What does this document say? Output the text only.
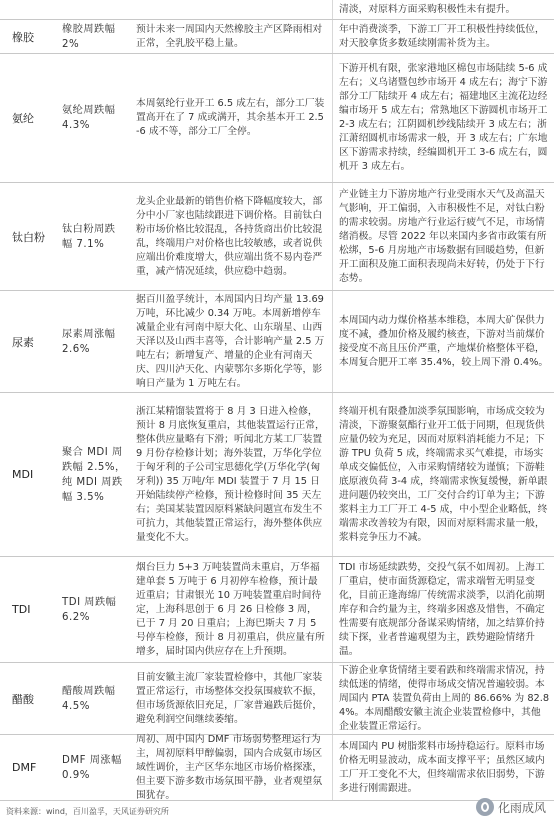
清淡，对原料方面采购积极性未有提升。
橡胶
橡胶周跌幅 2%
预计未来一周国内天然橡胶主产区降雨相对正常，全乳胶平稳上量。
年中消费淡季，下游工厂开工积极性持续低位，对天胶拿货多数延续刚需补货为主。
氨纶
氨纶周跌幅 4.3%
本周氨纶行业开工 6.5 成左右，部分工厂装置高开在了 7 成或满开，其余基本开工 2.5-6 成不等，部分工厂全停。
下游开机有限，张家港地区棉包市场陆续 5-6 成左右；义乌诸暨包纱市场开 4 成左右；海宁下游部分工厂陆续开 4 成左右；福建地区主流花边经编市场开 5 成左右；常熟地区下游圆机市场开工 2-3 成左右；江阴圆机纱线陆续开 3 成左右；浙江萧绍圆机市场需求一般，开 3 成左右；广东地区下游需求持续，经编圆机开工 3-6 成左右，圆机开 3 成左右。
钛白粉
钛白粉周跌幅 7.1%
龙头企业最新的销售价格下降幅度较大，部分中小厂家也陆续跟进下调价格。目前钛白粉市场价格比较混乱，各持货商出价比较混乱，终端用户对价格也比较敏感，或者说供应端出价难度增大，供应端出货不易内卷严重，减产情况延续，供应稳中趋弱。
产业链主力下游房地产行业受雨水天气及高温天气影响，开工偏弱，入市积极性不足，对钛白粉的需求较弱。房地产行业运行疲气不足，市场情绪消极。尽管 2022 年以来国内多省市政策有所松绑，5-6 月房地产市场数据有回暖趋势，但新开工面积及施工面积表现尚未好转，仍处于下行态势。
尿素
尿素周涨幅 2.6%
据百川盈孚统计，本周国内日均产量 13.69 万吨，环比减少 0.34 万吨。本周新增停车减量企业有河南中原大化、山东瑞星、山西天泽以及山西丰喜等，合计影响产量 2.5 万吨左右；新增复产、增量的企业有河南天庆、四川泸天化、内蒙鄂尔多斯化学等，影响日产量为 1 万吨左右。
本周国内动力煤价格基本维稳，本周大矿保供力度不减，叠加价格及履约核查，下游对当前煤价接受度不高且压价严重，产地煤价格整体平稳，本周复合肥开工率 35.4%，较上周下滑 0.4%。
MDI
聚合 MDI 周跌幅 2.5%，纯 MDI 周跌幅 3.5%
浙江某精馏装置将于 8 月 3 日进入检修，预计 8 月底恢复重启，其他装置运行正常，整体供应量略有下滑；听闻北方某工厂装置 9 月份存检修计划；海外装置，万华化学位于匈牙利的子公司宝思德化学(万华化学(匈牙利)) 35 万吨/年 MDI 装置于 7 月 15 日开始陆续停产检修，预计检修时间 35 天左右；美国某装置因原料紧缺问题宣布发生不可抗力，其他装置正常运行，海外整体供应量变化不大。
终端开机有限叠加淡季氛围影响，市场成交较为清淡，下游聚氨酯行业开工低于同期，但现货供应量仍较为充足，因而对原料消耗能力不足；下游 TPU 负荷 5 成，终端需求买气难提，市场实单成交偏低位，入市采购情绪较为谨慎；下游鞋底原液负荷 3-4 成，终端需求恢复缓慢，新单跟进问题仍较突出，工厂交付合约订单为主；下游浆料主力工厂开工 4-5 成，中小型企业略低，终端需求改善较为有限，因而对原料需求量一般，浆料竞争压力不减。
TDI
TDI 周跌幅 6.2%
烟台巨力 5+3 万吨装置尚未重启，万华福建单套 5 万吨于 6 月初停车检修，预计最近重启；甘肃银光 10 万吨装置重启时间待定，上海科思创于 6 月 26 日检修 3 周，已于 7 月 20 日重启；上海巴斯夫 7 月 5 号停车检修，预计 8 月初重启，供应量有所增多，届时国内供应存在上升预期。
TDI 市场延续跌势，交投气氛不如周初。上海工厂重启，使市面货源稳定，需求端暂无明显变化，目前正逢海绵厂传统需求淡季，以消化前期库存和合约量为主，终端多困惑及惜售，不确定性需要有底规部分备谋采购情绪，加之结算价持续下探，业者普遍观望为主，跌势避险情绪升温。
醋酸
醋酸周跌幅 4.5%
目前安徽主流厂家装置检修中，其他厂家装置正常运行，市场整体交投氛围疲软不振，但市场货源依旧充足，厂家普遍跌后挺价，避免利润空间继续萎缩。
下游企业拿货情绪主要看跌和终端需求情况，持续低迷的情绪，使得市场成交情况普遍较弱。本周国内 PTA 装置负荷由上周的 86.66% 为 82.84%。本周醋酸安徽主流企业装置检修中，其他企业装置正常运行。
DMF
DMF 周涨幅 0.9%
周初、周中国内 DMF 市场弱势整理运行为主，周初原料甲醇偏弱，国内合成氨市场区域性调价，主产区华东地区市场价格探涨，但主要下游多数市场氛围平静，业者观望氛围犹存。
本周国内 PU 树脂浆料市场持稳运行。原料市场价格无明显波动，成本面支撑平平；虽然区域内工厂开工变化不大，但终端需求依旧弱势，下游多进行刚需跟进。
资料来源：wind，百川盈孚，天风证券研究所	化雨成风
